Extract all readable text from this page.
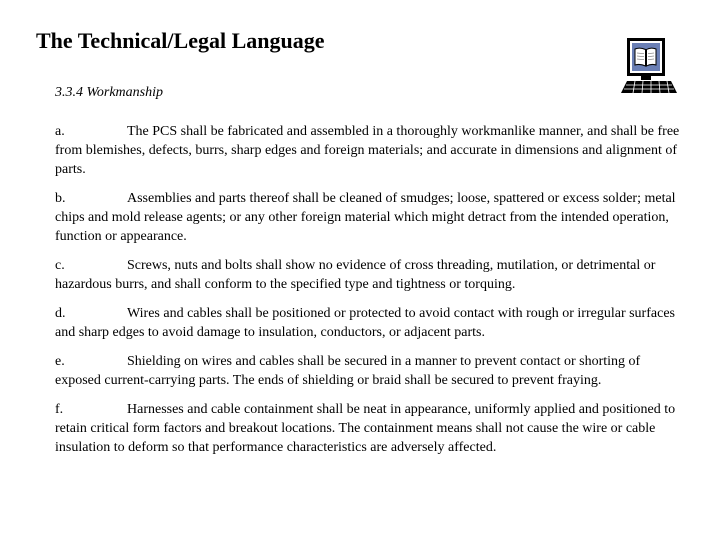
The Technical/Legal Language
3.3.4 Workmanship
a.	The PCS shall be fabricated and assembled in a thoroughly workmanlike manner, and shall be free from blemishes, defects, burrs, sharp edges and foreign materials; and accurate in dimensions and alignment of parts.
b.	Assemblies and parts thereof shall be cleaned of smudges; loose, spattered or excess solder; metal chips and mold release agents; or any other foreign material which might detract from the intended operation, function or appearance.
c.	Screws, nuts and bolts shall show no evidence of cross threading, mutilation, or detrimental or hazardous burrs, and shall conform to the specified type and tightness or torquing.
d.	Wires and cables shall be positioned or protected to avoid contact with rough or irregular surfaces and sharp edges to avoid damage to insulation, conductors, or adjacent parts.
e.	Shielding on wires and cables shall be secured in a manner to prevent contact or shorting of exposed current-carrying parts. The ends of shielding or braid shall be secured to prevent fraying.
f.	Harnesses and cable containment shall be neat in appearance, uniformly applied and positioned to retain critical form factors and breakout locations. The containment means shall not cause the wire or cable insulation to deform so that performance characteristics are adversely affected.
